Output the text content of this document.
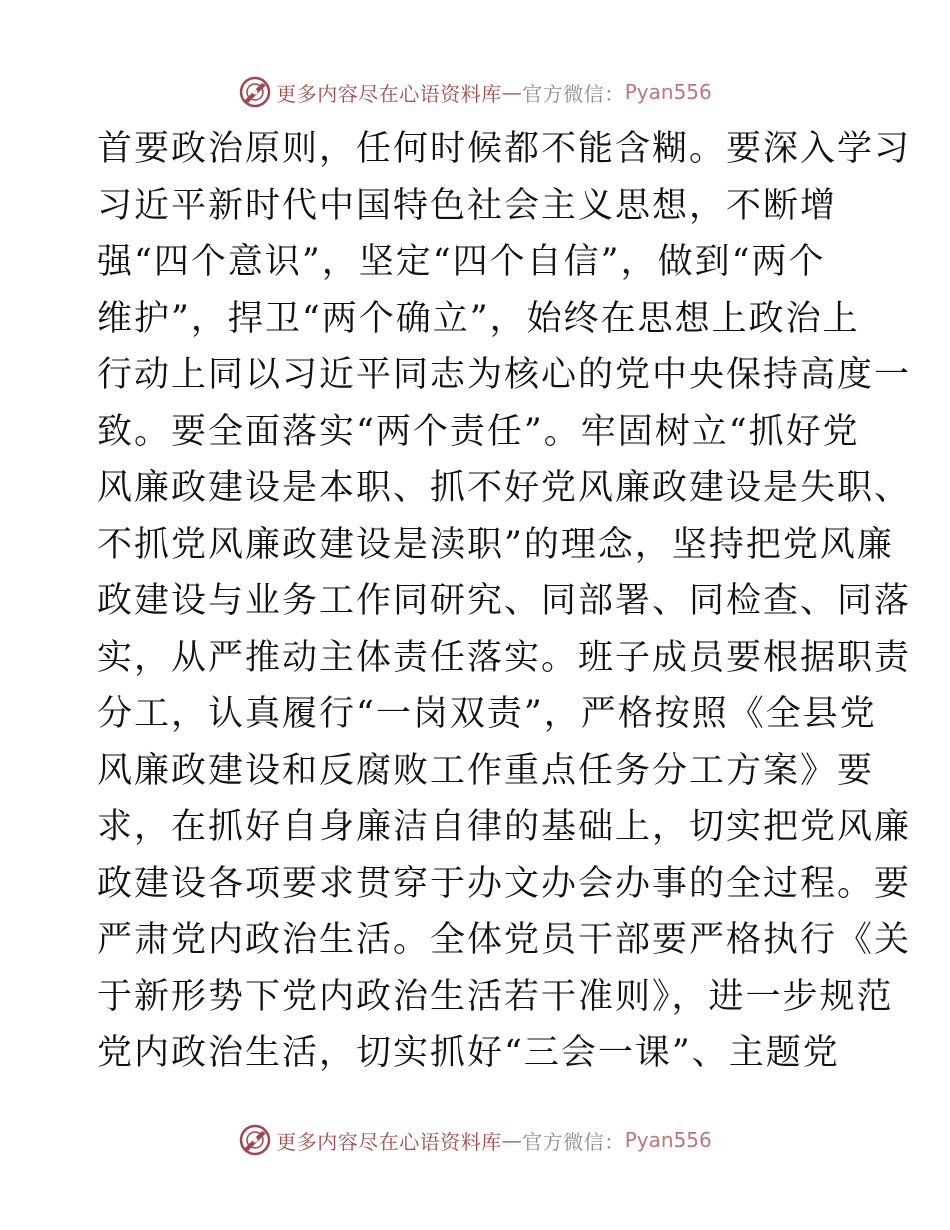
更多内容尽在心语资料库 — 官方微信： Pyan556
首要政治原则，任何时候都不能含糊。要深入学习
习近平新时代中国特色社会主义思想，不断增
强“四个意识”，坚定“四个自信”，做到“两个
维护”，捍卫“两个确立”，始终在思想上政治上
行动上同以习近平同志为核心的党中央保持高度一
致。要全面落实“两个责任”。牢固树立“抓好党
风廉政建设是本职、抓不好党风廉政建设是失职、
不抓党风廉政建设是渎职”的理念，坚持把党风廉
政建设与业务工作同研究、同部署、同检查、同落
实，从严推动主体责任落实。班子成员要根据职责
分工，认真履行“一岗双责”，严格按照《全县党
风廉政建设和反腐败工作重点任务分工方案》要
求，在抓好自身廉洁自律的基础上，切实把党风廉
政建设各项要求贯穿于办文办会办事的全过程。要
严肃党内政治生活。全体党员干部要严格执行《关
于新形势下党内政治生活若干准则》，进一步规范
党内政治生活，切实抓好“三会一课”、主题党
更多内容尽在心语资料库 — 官方微信： Pyan556
